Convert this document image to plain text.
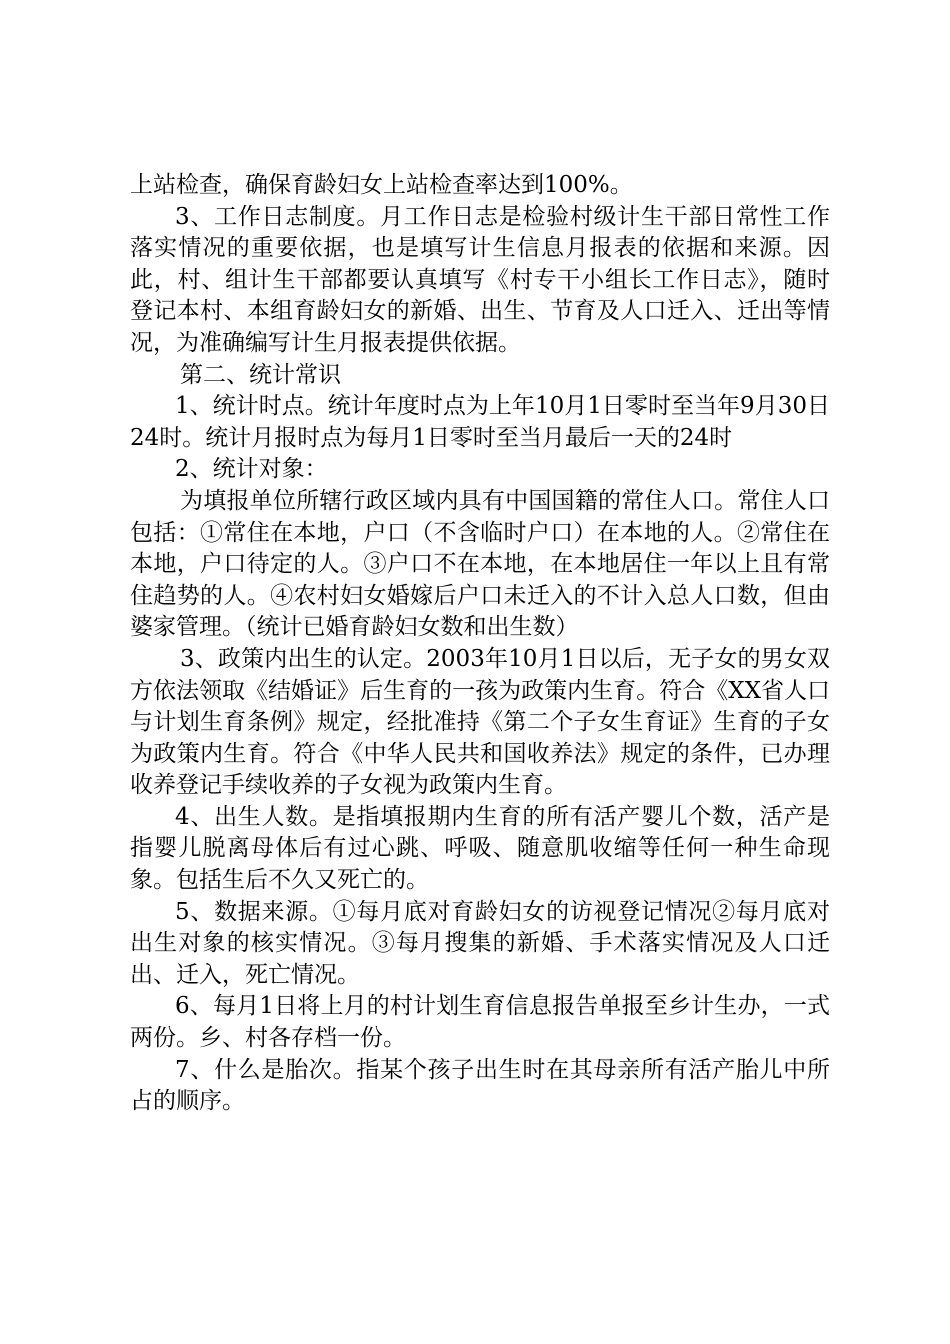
上站检查，确保育龄妇女上站检查率达到100%。

3、工作日志制度。月工作日志是检验村级计生干部日常性工作落实情况的重要依据，也是填写计生信息月报表的依据和来源。因此，村、组计生干部都要认真填写《村专干小组长工作日志》，随时登记本村、本组育龄妇女的新婚、出生、节育及人口迁入、迁出等情况，为准确编写计生月报表提供依据。

第二、统计常识

1、统计时点。统计年度时点为上年10月1日零时至当年9月30日24时。统计月报时点为每月1日零时至当月最后一天的24时

2、统计对象：

为填报单位所辖行政区域内具有中国国籍的常住人口。常住人口包括：①常住在本地，户口（不含临时户口）在本地的人。②常住在本地，户口待定的人。③户口不在本地，在本地居住一年以上且有常住趋势的人。④农村妇女婚嫁后户口未迁入的不计入总人口数，但由婆家管理。（统计已婚育龄妇女数和出生数）

3、政策内出生的认定。2003年10月1日以后，无子女的男女双方依法领取《结婚证》后生育的一孩为政策内生育。符合《XX省人口与计划生育条例》规定，经批准持《第二个子女生育证》生育的子女为政策内生育。符合《中华人民共和国收养法》规定的条件，已办理收养登记手续收养的子女视为政策内生育。

4、出生人数。是指填报期内生育的所有活产婴儿个数，活产是指婴儿脱离母体后有过心跳、呼吸、随意肌收缩等任何一种生命现象。包括生后不久又死亡的。

5、数据来源。①每月底对育龄妇女的访视登记情况②每月底对出生对象的核实情况。③每月搜集的新婚、手术落实情况及人口迁出、迁入，死亡情况。

6、每月1日将上月的村计划生育信息报告单报至乡计生办，一式两份。乡、村各存档一份。

7、什么是胎次。指某个孩子出生时在其母亲所有活产胎儿中所占的顺序。
